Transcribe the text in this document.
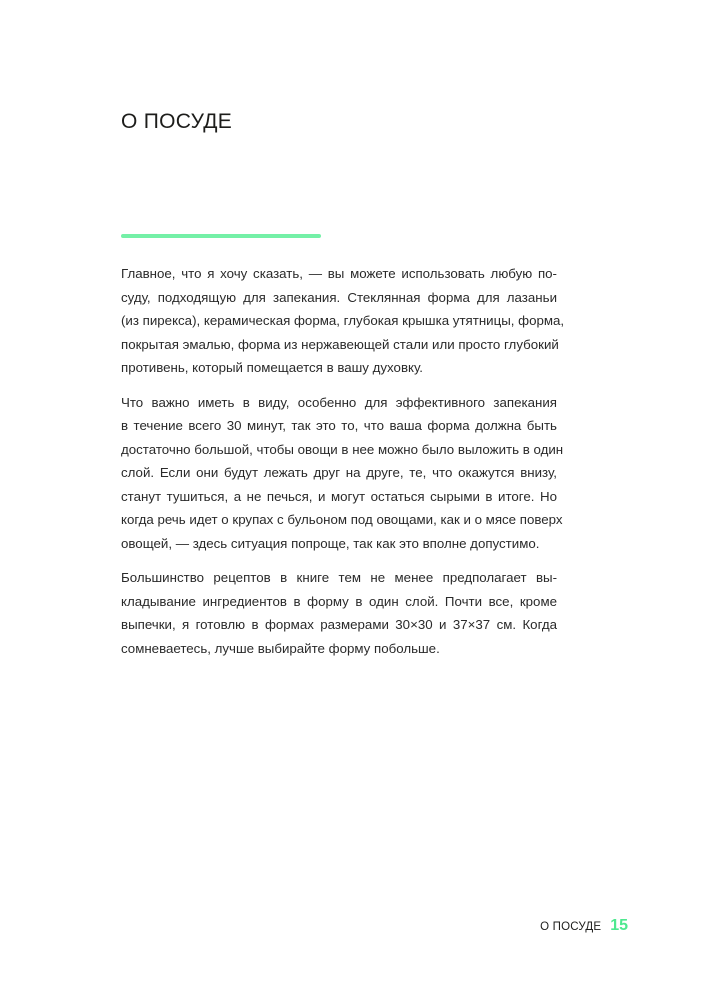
О ПОСУДЕ

Главное, что я хочу сказать, — вы можете использовать любую по-
суду, подходящую для запекания. Стеклянная форма для лазаньи
(из пирекса), керамическая форма, глубокая крышка утятницы, форма,
покрытая эмалью, форма из нержавеющей стали или просто глубокий
противень, который помещается в вашу духовку.

Что важно иметь в виду, особенно для эффективного запекания
в течение всего 30 минут, так это то, что ваша форма должна быть
достаточно большой, чтобы овощи в нее можно было выложить в один
слой. Если они будут лежать друг на друге, те, что окажутся внизу,
станут тушиться, а не печься, и могут остаться сырыми в итоге. Но
когда речь идет о крупах с бульоном под овощами, как и о мясе поверх
овощей, — здесь ситуация попроще, так как это вполне допустимо.

Большинство рецептов в книге тем не менее предполагает вы-
кладывание ингредиентов в форму в один слой. Почти все, кроме
выпечки, я готовлю в формах размерами 30×30 и 37×37 см. Когда
сомневаетесь, лучше выбирайте форму побольше.

О ПОСУДЕ 15
